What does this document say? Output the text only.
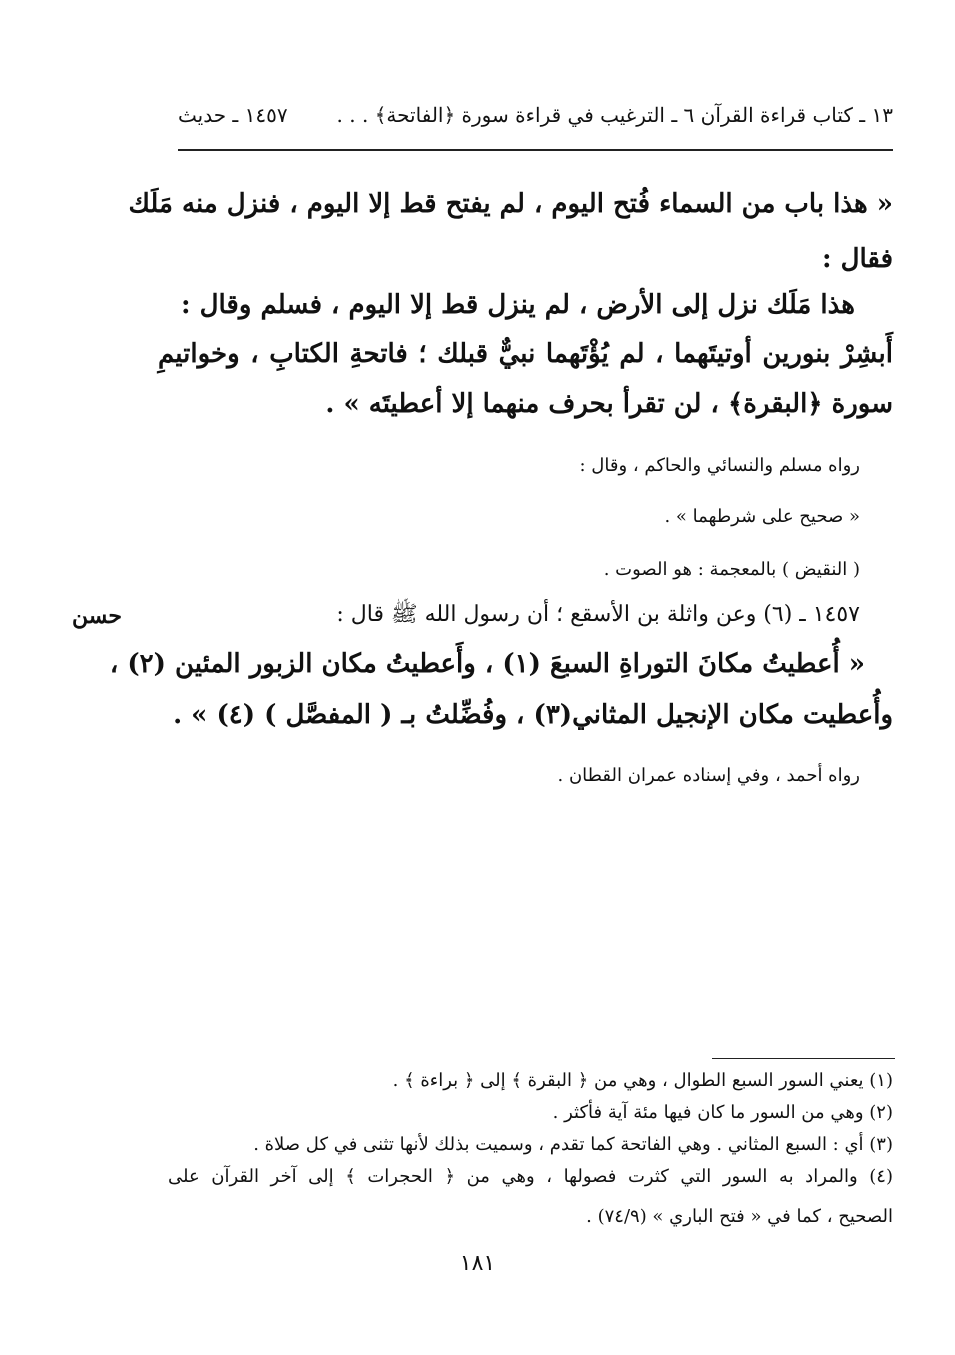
١٣ ـ كتاب قراءة القرآن ٦ ـ الترغيب في قراءة سورة ﴿الفاتحة﴾ . . .
١٤٥٧ ـ حديث
« هذا باب من السماء فُتح اليوم ، لم يفتح قط إلا اليوم ، فنزل منه مَلَك
فقال :
هذا مَلَك نزل إلى الأرض ، لم ينزل قط إلا اليوم ، فسلم وقال :
أَبشِرْ بنورين أوتيتَهما ، لم يُؤْتَهما نبيٌّ قبلك ؛ فاتحةِ الكتابِ ، وخواتيمِ
سورة ﴿البقرة﴾ ، لن تقرأ بحرف منهما إلا أعطيتَه » .
رواه مسلم والنسائي والحاكم ، وقال :
« صحيح على شرطهما » .
( النقيض ) بالمعجمة : هو الصوت .
حسن	١٤٥٧ ـ (٦) وعن واثلة بن الأسقع ؛ أن رسول الله ﷺ قال :
« أُعطيتُ مكانَ التوراةِ السبعَ (١) ، وأَعطيتُ مكان الزبور المئين (٢) ،
وأُعطيت مكان الإنجيل المثاني(٣) ، وفُضِّلتُ بـ ( المفصَّل ) (٤) » .
رواه أحمد ، وفي إسناده عمران القطان .
(١) يعني السور السبع الطوال ، وهي من ﴿ البقرة ﴾ إلى ﴿ براءة ﴾ .
(٢) وهي من السور ما كان فيها مئة آية فأكثر .
(٣) أي : السبع المثاني . وهي الفاتحة كما تقدم ، وسميت بذلك لأنها تثنى في كل صلاة .
(٤) والمراد به السور التي كثرت فصولها ، وهي من ﴿ الحجرات ﴾ إلى آخر القرآن على
الصحيح ، كما في « فتح الباري » (٧٤/٩) .
١٨١
